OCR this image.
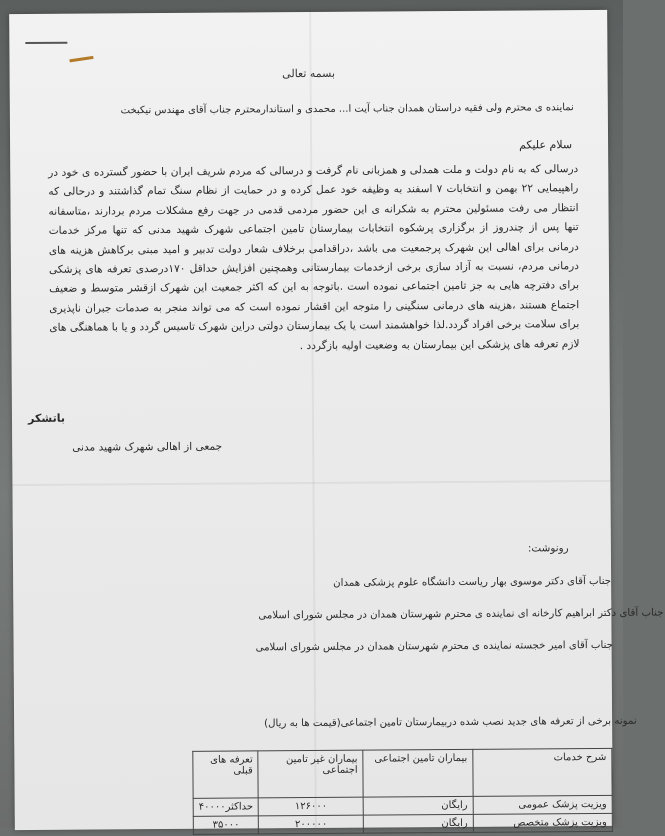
بسمه تعالی
نماینده ی محترم ولی فقیه دراستان همدان جناب آیت ا... محمدی و استاندارمحترم جناب آقای مهندس نیکبخت
سلام علیکم
درسالی که به نام دولت و ملت همدلی و همزبانی نام گرفت و درسالی که مردم شریف ایران با حضور گسترده ی خود در راهپیمایی ۲۲ بهمن و انتخابات ۷ اسفند به وظیفه خود عمل کرده و در حمایت از نظام سنگ تمام گذاشتند و درحالی که انتظار می رفت مسئولین محترم به شکرانه ی این حضور مردمی قدمی در جهت رفع مشکلات مردم بردارند ،متاسفانه تنها پس از چندروز از برگزاری پرشکوه انتخابات بیمارستان تامین اجتماعی شهرک شهید مدنی که تنها مرکز خدمات درمانی برای اهالی این شهرک پرجمعیت می باشد ،دراقدامی برخلاف شعار دولت تدبیر و امید مبنی برکاهش هزینه های درمانی مردم، نسبت به آزاد سازی برخی ازخدمات بیمارستانی وهمچنین افزایش حداقل ۱۷۰درصدی تعرفه های پزشکی برای دفترچه هایی به جز تامین اجتماعی نموده است .باتوجه به این که اکثر جمعیت این شهرک ازقشر متوسط و ضعیف اجتماع هستند ،هزینه های درمانی سنگینی را متوجه این اقشار نموده است که می تواند منجر به صدمات جبران ناپذیری برای سلامت برخی افراد گردد.لذا خواهشمند است یا یک بیمارستان دولتی دراین شهرک تاسیس گردد و یا با هماهنگی های لازم تعرفه های پزشکی این بیمارستان به وضعیت اولیه بازگردد .
باتشکر
جمعی از اهالی شهرک شهید مدنی
رونوشت:
جناب آقای دکتر موسوی بهار ریاست دانشگاه علوم پزشکی همدان
جناب آقای دکتر ابراهیم کارخانه ای نماینده ی محترم شهرستان همدان در مجلس شورای اسلامی
جناب آقای امیر خجسته نماینده ی محترم شهرستان همدان در مجلس شورای اسلامی
نمونه برخی از تعرفه های جدید نصب شده دربیمارستان تامین اجتماعی(قیمت ها به ریال)
شرح خدمات	بیماران تامین اجتماعی	بیماران غیر تامین اجتماعی	تعرفه های قبلی
ویزیت پزشک عمومی	رایگان	۱۲۶۰۰۰	حداکثر۴۰۰۰۰
ویزیت پزشک متخصص	رایگان	۲۰۰۰۰۰	۳۵۰۰۰
